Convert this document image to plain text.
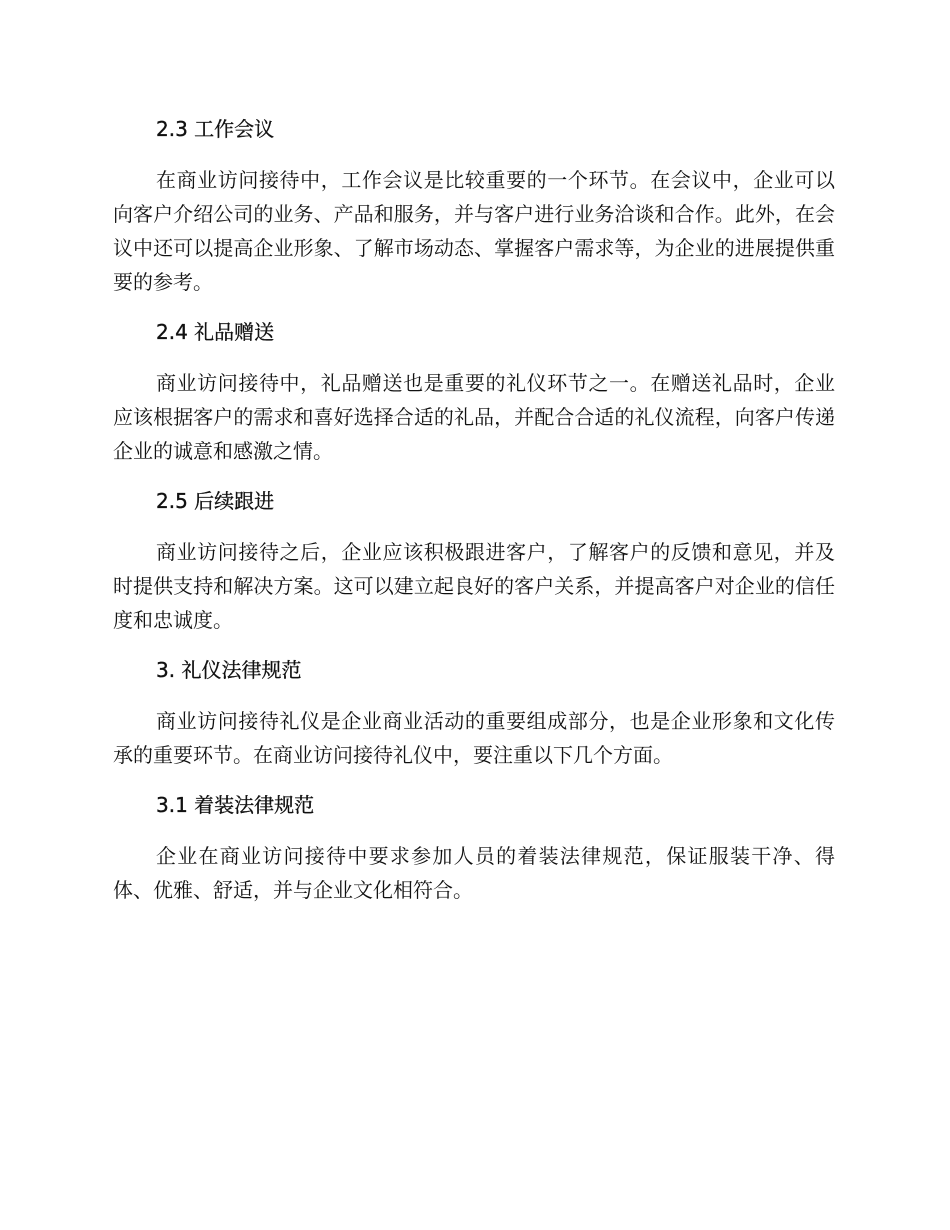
2.3 工作会议

在商业访问接待中，工作会议是比较重要的一个环节。在会议中，企业可以向客户介绍公司的业务、产品和服务，并与客户进行业务洽谈和合作。此外，在会议中还可以提高企业形象、了解市场动态、掌握客户需求等，为企业的进展提供重要的参考。

2.4 礼品赠送

商业访问接待中，礼品赠送也是重要的礼仪环节之一。在赠送礼品时，企业应该根据客户的需求和喜好选择合适的礼品，并配合合适的礼仪流程，向客户传递企业的诚意和感激之情。

2.5 后续跟进

商业访问接待之后，企业应该积极跟进客户，了解客户的反馈和意见，并及时提供支持和解决方案。这可以建立起良好的客户关系，并提高客户对企业的信任度和忠诚度。

3. 礼仪法律规范

商业访问接待礼仪是企业商业活动的重要组成部分，也是企业形象和文化传承的重要环节。在商业访问接待礼仪中，要注重以下几个方面。

3.1 着装法律规范

企业在商业访问接待中要求参加人员的着装法律规范，保证服装干净、得体、优雅、舒适，并与企业文化相符合。
